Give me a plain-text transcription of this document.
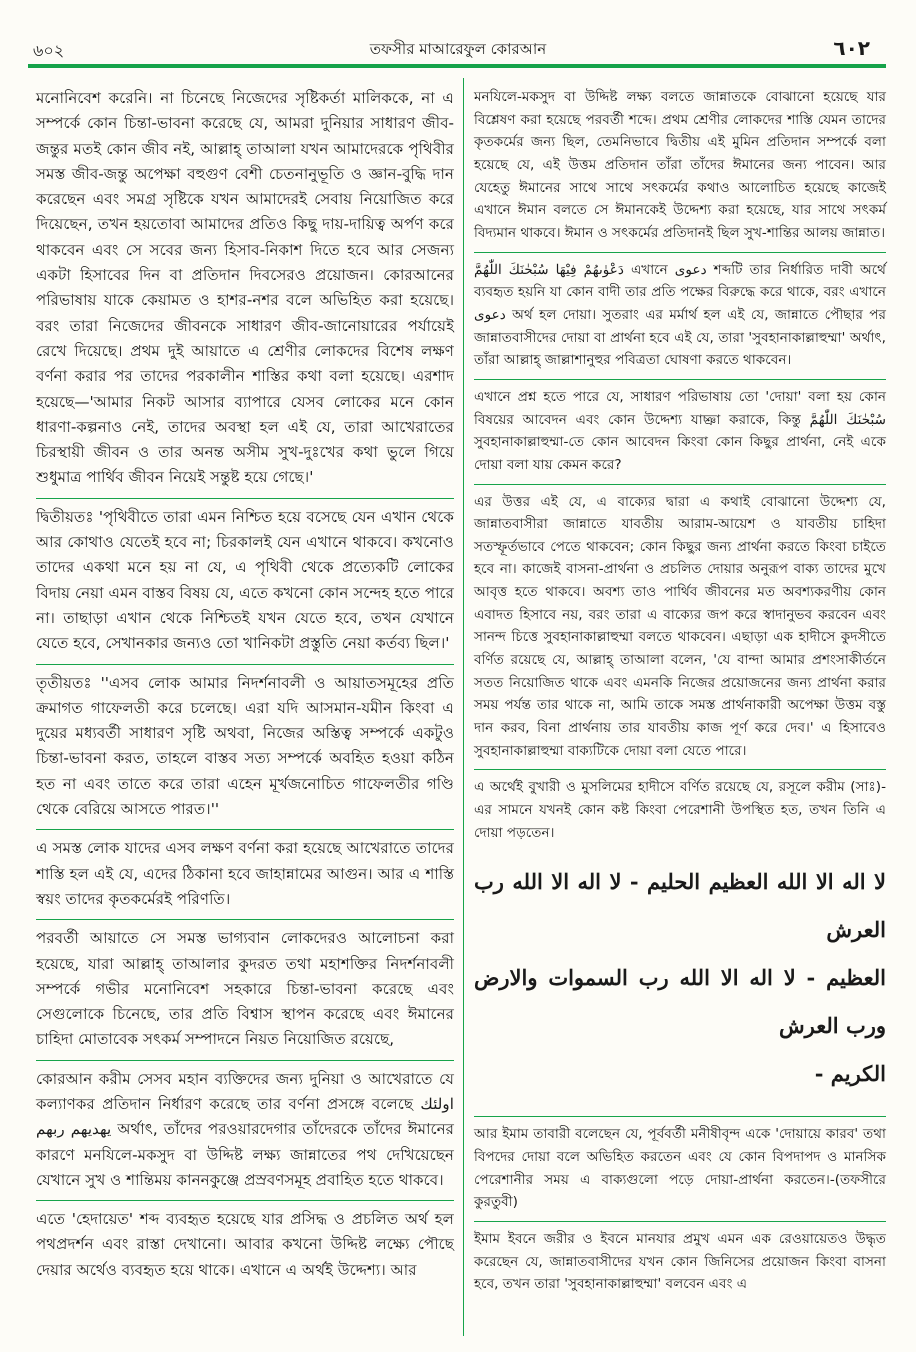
৬০২	তফসীর মাআরেফুল কোরআন	٦٠٢

মনোনিবেশ করেনি। না চিনেছে নিজেদের সৃষ্টিকর্তা মালিককে, না এ সম্পর্কে কোন চিন্তা-ভাবনা করেছে যে, আমরা দুনিয়ার সাধারণ জীব-জন্তুর মতই কোন জীব নই, আল্লাহ্‌ তাআলা যখন আমাদেরকে পৃথিবীর সমস্ত জীব-জন্তু অপেক্ষা বহুগুণ বেশী চেতনানুভূতি ও জ্ঞান-বুদ্ধি দান করেছেন এবং সমগ্র সৃষ্টিকে যখন আমাদেরই সেবায় নিয়োজিত করে দিয়েছেন, তখন হয়তোবা আমাদের প্রতিও কিছু দায়-দায়িত্ব অর্পণ করে থাকবেন এবং সে সবের জন্য হিসাব-নিকাশ দিতে হবে আর সেজন্য একটা হিসাবের দিন বা প্রতিদান দিবসেরও প্রয়োজন। কোরআনের পরিভাষায় যাকে কেয়ামত ও হাশর-নশর বলে অভিহিত করা হয়েছে। বরং তারা নিজেদের জীবনকে সাধারণ জীব-জানোয়ারের পর্যায়েই রেখে দিয়েছে। প্রথম দুই আয়াতে এ শ্রেণীর লোকদের বিশেষ লক্ষণ বর্ণনা করার পর তাদের পরকালীন শাস্তির কথা বলা হয়েছে। এরশাদ হয়েছে—'আমার নিকট আসার ব্যাপারে যেসব লোকের মনে কোন ধারণা-কল্পনাও নেই, তাদের অবস্থা হল এই যে, তারা আখেরাতের চিরস্থায়ী জীবন ও তার অনন্ত অসীম সুখ-দুঃখের কথা ভুলে গিয়ে শুধুমাত্র পার্থিব জীবন নিয়েই সন্তুষ্ট হয়ে গেছে।'

দ্বিতীয়তঃ 'পৃথিবীতে তারা এমন নিশ্চিত হয়ে বসেছে যেন এখান থেকে আর কোথাও যেতেই হবে না; চিরকালই যেন এখানে থাকবে। কখনোও তাদের একথা মনে হয় না যে, এ পৃথিবী থেকে প্রত্যেকটি লোকের বিদায় নেয়া এমন বাস্তব বিষয় যে, এতে কখনো কোন সন্দেহ হতে পারে না। তাছাড়া এখান থেকে নিশ্চিতই যখন যেতে হবে, তখন যেখানে যেতে হবে, সেখানকার জন্যও তো খানিকটা প্রস্তুতি নেয়া কর্তব্য ছিল।'

তৃতীয়তঃ ''এসব লোক আমার নিদর্শনাবলী ও আয়াতসমূহের প্রতি ক্রমাগত গাফেলতী করে চলেছে। এরা যদি আসমান-যমীন কিংবা এ দুয়ের মধ্যবর্তী সাধারণ সৃষ্টি অথবা, নিজের অস্তিত্ব সম্পর্কে একটুও চিন্তা-ভাবনা করত, তাহলে বাস্তব সত্য সম্পর্কে অবহিত হওয়া কঠিন হত না এবং তাতে করে তারা এহেন মূর্খজনোচিত গাফেলতীর গণ্ডি থেকে বেরিয়ে আসতে পারত।''

এ সমস্ত লোক যাদের এসব লক্ষণ বর্ণনা করা হয়েছে আখেরাতে তাদের শাস্তি হল এই যে, এদের ঠিকানা হবে জাহান্নামের আগুন। আর এ শাস্তি স্বয়ং তাদের কৃতকর্মেরই পরিণতি।

পরবর্তী আয়াতে সে সমস্ত ভাগ্যবান লোকদেরও আলোচনা করা হয়েছে, যারা আল্লাহ্‌ তাআলার কুদরত তথা মহাশক্তির নিদর্শনাবলী সম্পর্কে গভীর মনোনিবেশ সহকারে চিন্তা-ভাবনা করেছে এবং সেগুলোকে চিনেছে, তার প্রতি বিশ্বাস স্থাপন করেছে এবং ঈমানের চাহিদা মোতাবেক সৎকর্ম সম্পাদনে নিয়ত নিয়োজিত রয়েছে,

কোরআন করীম সেসব মহান ব্যক্তিদের জন্য দুনিয়া ও আখেরাতে যে কল্যাণকর প্রতিদান নির্ধারণ করেছে তার বর্ণনা প্রসঙ্গে বলেছে اولئك يهديهم ربهم অর্থাৎ, তাঁদের পরওয়ারদেগার তাঁদেরকে তাঁদের ঈমানের কারণে মনযিলে-মকসুদ বা উদ্দিষ্ট লক্ষ্য জান্নাতের পথ দেখিয়েছেন যেখানে সুখ ও শান্তিময় কাননকুঞ্জে প্রস্রবণসমূহ প্রবাহিত হতে থাকবে।

এতে 'হেদায়েত' শব্দ ব্যবহৃত হয়েছে যার প্রসিদ্ধ ও প্রচলিত অর্থ হল পথপ্রদর্শন এবং রাস্তা দেখানো। আবার কখনো উদ্দিষ্ট লক্ষ্যে পৌছে দেয়ার অর্থেও ব্যবহৃত হয়ে থাকে। এখানে এ অর্থই উদ্দেশ্য। আর

মনযিলে-মকসুদ বা উদ্দিষ্ট লক্ষ্য বলতে জান্নাতকে বোঝানো হয়েছে যার বিশ্লেষণ করা হয়েছে পরবর্তী শব্দে। প্রথম শ্রেণীর লোকদের শাস্তি যেমন তাদের কৃতকর্মের জন্য ছিল, তেমনিভাবে দ্বিতীয় এই মুমিন প্রতিদান সম্পর্কে বলা হয়েছে যে, এই উত্তম প্রতিদান তাঁরা তাঁদের ঈমানের জন্য পাবেন। আর যেহেতু ঈমানের সাথে সাথে সৎকর্মের কথাও আলোচিত হয়েছে কাজেই এখানে ঈমান বলতে সে ঈমানকেই উদ্দেশ্য করা হয়েছে, যার সাথে সৎকর্ম বিদ্যমান থাকবে। ঈমান ও সৎকর্মের প্রতিদানই ছিল সুখ-শান্তির আলয় জান্নাত।

دَعْوٰىهُمْ فِيْهَا سُبْحٰنَكَ اللّٰهُمَّ এখানে دعوى শব্দটি তার নির্ধারিত দাবী অর্থে ব্যবহৃত হয়নি যা কোন বাদী তার প্রতি পক্ষের বিরুদ্ধে করে থাকে, বরং এখানে دعوى অর্থ হল দোয়া। সুতরাং এর মর্মার্থ হল এই যে, জান্নাতে পৌছার পর জান্নাতবাসীদের দোয়া বা প্রার্থনা হবে এই যে, তারা 'সুবহানাকাল্লাহুম্মা' অর্থাৎ, তাঁরা আল্লাহ্‌ জাল্লাশানুহুর পবিত্রতা ঘোষণা করতে থাকবেন।

এখানে প্রশ্ন হতে পারে যে, সাধারণ পরিভাষায় তো 'দোয়া' বলা হয় কোন বিষয়ের আবেদন এবং কোন উদ্দেশ্য যাচ্ঞা করাকে, কিন্তু سُبْحٰنَكَ اللّٰهُمَّ সুবহানাকাল্লাহুম্মা-তে কোন আবেদন কিংবা কোন কিছুর প্রার্থনা, নেই একে দোয়া বলা যায় কেমন করে?

এর উত্তর এই যে, এ বাক্যের দ্বারা এ কথাই বোঝানো উদ্দেশ্য যে, জান্নাতবাসীরা জান্নাতে যাবতীয় আরাম-আয়েশ ও যাবতীয় চাহিদা সতস্ফূর্তভাবে পেতে থাকবেন; কোন কিছুর জন্য প্রার্থনা করতে কিংবা চাইতে হবে না। কাজেই বাসনা-প্রার্থনা ও প্রচলিত দোয়ার অনুরূপ বাক্য তাদের মুখে আবৃত্ত হতে থাকবে। অবশ্য তাও পার্থিব জীবনের মত অবশ্যকরণীয় কোন এবাদত হিসাবে নয়, বরং তারা এ বাক্যের জপ করে স্বাদানুভব করবেন এবং সানন্দ চিত্তে সুবহানাকাল্লাহুম্মা বলতে থাকবেন। এছাড়া এক হাদীসে কুদসীতে বর্ণিত রয়েছে যে, আল্লাহ্‌ তাআলা বলেন, 'যে বান্দা আমার প্রশংসাকীর্তনে সতত নিয়োজিত থাকে এবং এমনকি নিজের প্রয়োজনের জন্য প্রার্থনা করার সময় পর্যন্ত তার থাকে না, আমি তাকে সমস্ত প্রার্থনাকারী অপেক্ষা উত্তম বস্তু দান করব, বিনা প্রার্থনায় তার যাবতীয় কাজ পূর্ণ করে দেব।' এ হিসাবেও সুবহানাকাল্লাহুম্মা বাক্যটিকে দোয়া বলা যেতে পারে।

এ অর্থেই বুখারী ও মুসলিমের হাদীসে বর্ণিত রয়েছে যে, রসূলে করীম (সাঃ)-এর সামনে যখনই কোন কষ্ট কিংবা পেরেশানী উপস্থিত হত, তখন তিনি এ দোয়া পড়তেন।

لا اله الا الله العظيم الحليم - لا اله الا الله رب العرش
العظيم - لا اله الا الله رب السموات والارض ورب العرش
الكريم -

আর ইমাম তাবারী বলেছেন যে, পূর্ববর্তী মনীষীবৃন্দ একে 'দোয়ায়ে কারব' তথা বিপদের দোয়া বলে অভিহিত করতেন এবং যে কোন বিপদাপদ ও মানসিক পেরেশানীর সময় এ বাক্যগুলো পড়ে দোয়া-প্রার্থনা করতেন।-(তফসীরে কুরতুবী)

ইমাম ইবনে জরীর ও ইবনে মানযার প্রমুখ এমন এক রেওয়ায়েতও উদ্ধৃত করেছেন যে, জান্নাতবাসীদের যখন কোন জিনিসের প্রয়োজন কিংবা বাসনা হবে, তখন তারা 'সুবহানাকাল্লাহুম্মা' বলবেন এবং এ
